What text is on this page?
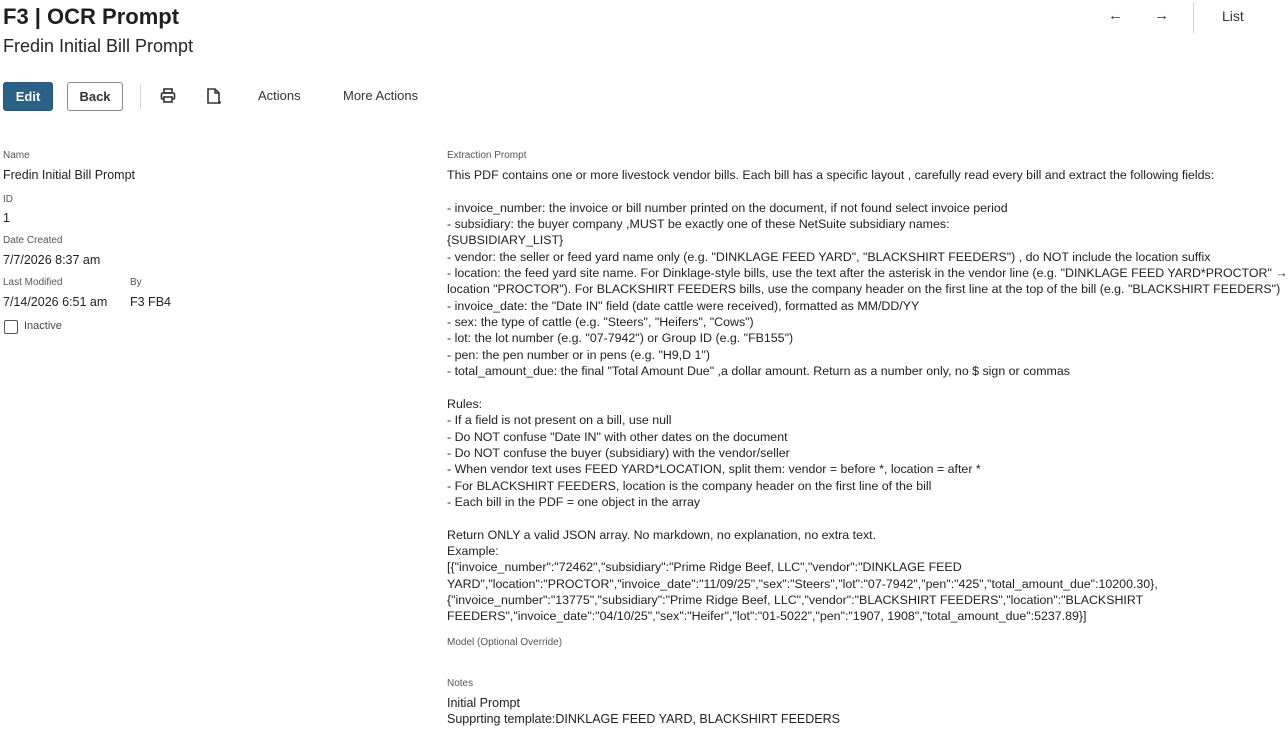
F3 | OCR Prompt
Fredin Initial Bill Prompt
← →	List
Edit	Back	Actions	More Actions
Name
Fredin Initial Bill Prompt
ID
1
Date Created
7/7/2026 8:37 am
Last Modified
7/14/2026 6:51 am
By
F3 FB4
Inactive
Extraction Prompt
This PDF contains one or more livestock vendor bills. Each bill has a specific layout , carefully read every bill and extract the following fields:

- invoice_number: the invoice or bill number printed on the document, if not found select invoice period
- subsidiary: the buyer company ,MUST be exactly one of these NetSuite subsidiary names:
{SUBSIDIARY_LIST}
- vendor: the seller or feed yard name only (e.g. "DINKLAGE FEED YARD", "BLACKSHIRT FEEDERS") , do NOT include the location suffix
- location: the feed yard site name. For Dinklage-style bills, use the text after the asterisk in the vendor line (e.g. "DINKLAGE FEED YARD*PROCTOR" →
location "PROCTOR"). For BLACKSHIRT FEEDERS bills, use the company header on the first line at the top of the bill (e.g. "BLACKSHIRT FEEDERS")
- invoice_date: the "Date IN" field (date cattle were received), formatted as MM/DD/YY
- sex: the type of cattle (e.g. "Steers", "Heifers", "Cows")
- lot: the lot number (e.g. "07-7942") or Group ID (e.g. "FB155")
- pen: the pen number or in pens (e.g. "H9,D 1")
- total_amount_due: the final "Total Amount Due" ,a dollar amount. Return as a number only, no $ sign or commas

Rules:
- If a field is not present on a bill, use null
- Do NOT confuse "Date IN" with other dates on the document
- Do NOT confuse the buyer (subsidiary) with the vendor/seller
- When vendor text uses FEED YARD*LOCATION, split them: vendor = before *, location = after *
- For BLACKSHIRT FEEDERS, location is the company header on the first line of the bill
- Each bill in the PDF = one object in the array

Return ONLY a valid JSON array. No markdown, no explanation, no extra text.
Example:
[{"invoice_number":"72462","subsidiary":"Prime Ridge Beef, LLC","vendor":"DINKLAGE FEED
YARD","location":"PROCTOR","invoice_date":"11/09/25","sex":"Steers","lot":"07-7942","pen":"425","total_amount_due":10200.30},
{"invoice_number":"13775","subsidiary":"Prime Ridge Beef, LLC","vendor":"BLACKSHIRT FEEDERS","location":"BLACKSHIRT
FEEDERS","invoice_date":"04/10/25","sex":"Heifer","lot":"01-5022","pen":"1907, 1908","total_amount_due":5237.89}]
Model (Optional Override)
Notes
Initial Prompt
Supprting template:DINKLAGE FEED YARD, BLACKSHIRT FEEDERS
